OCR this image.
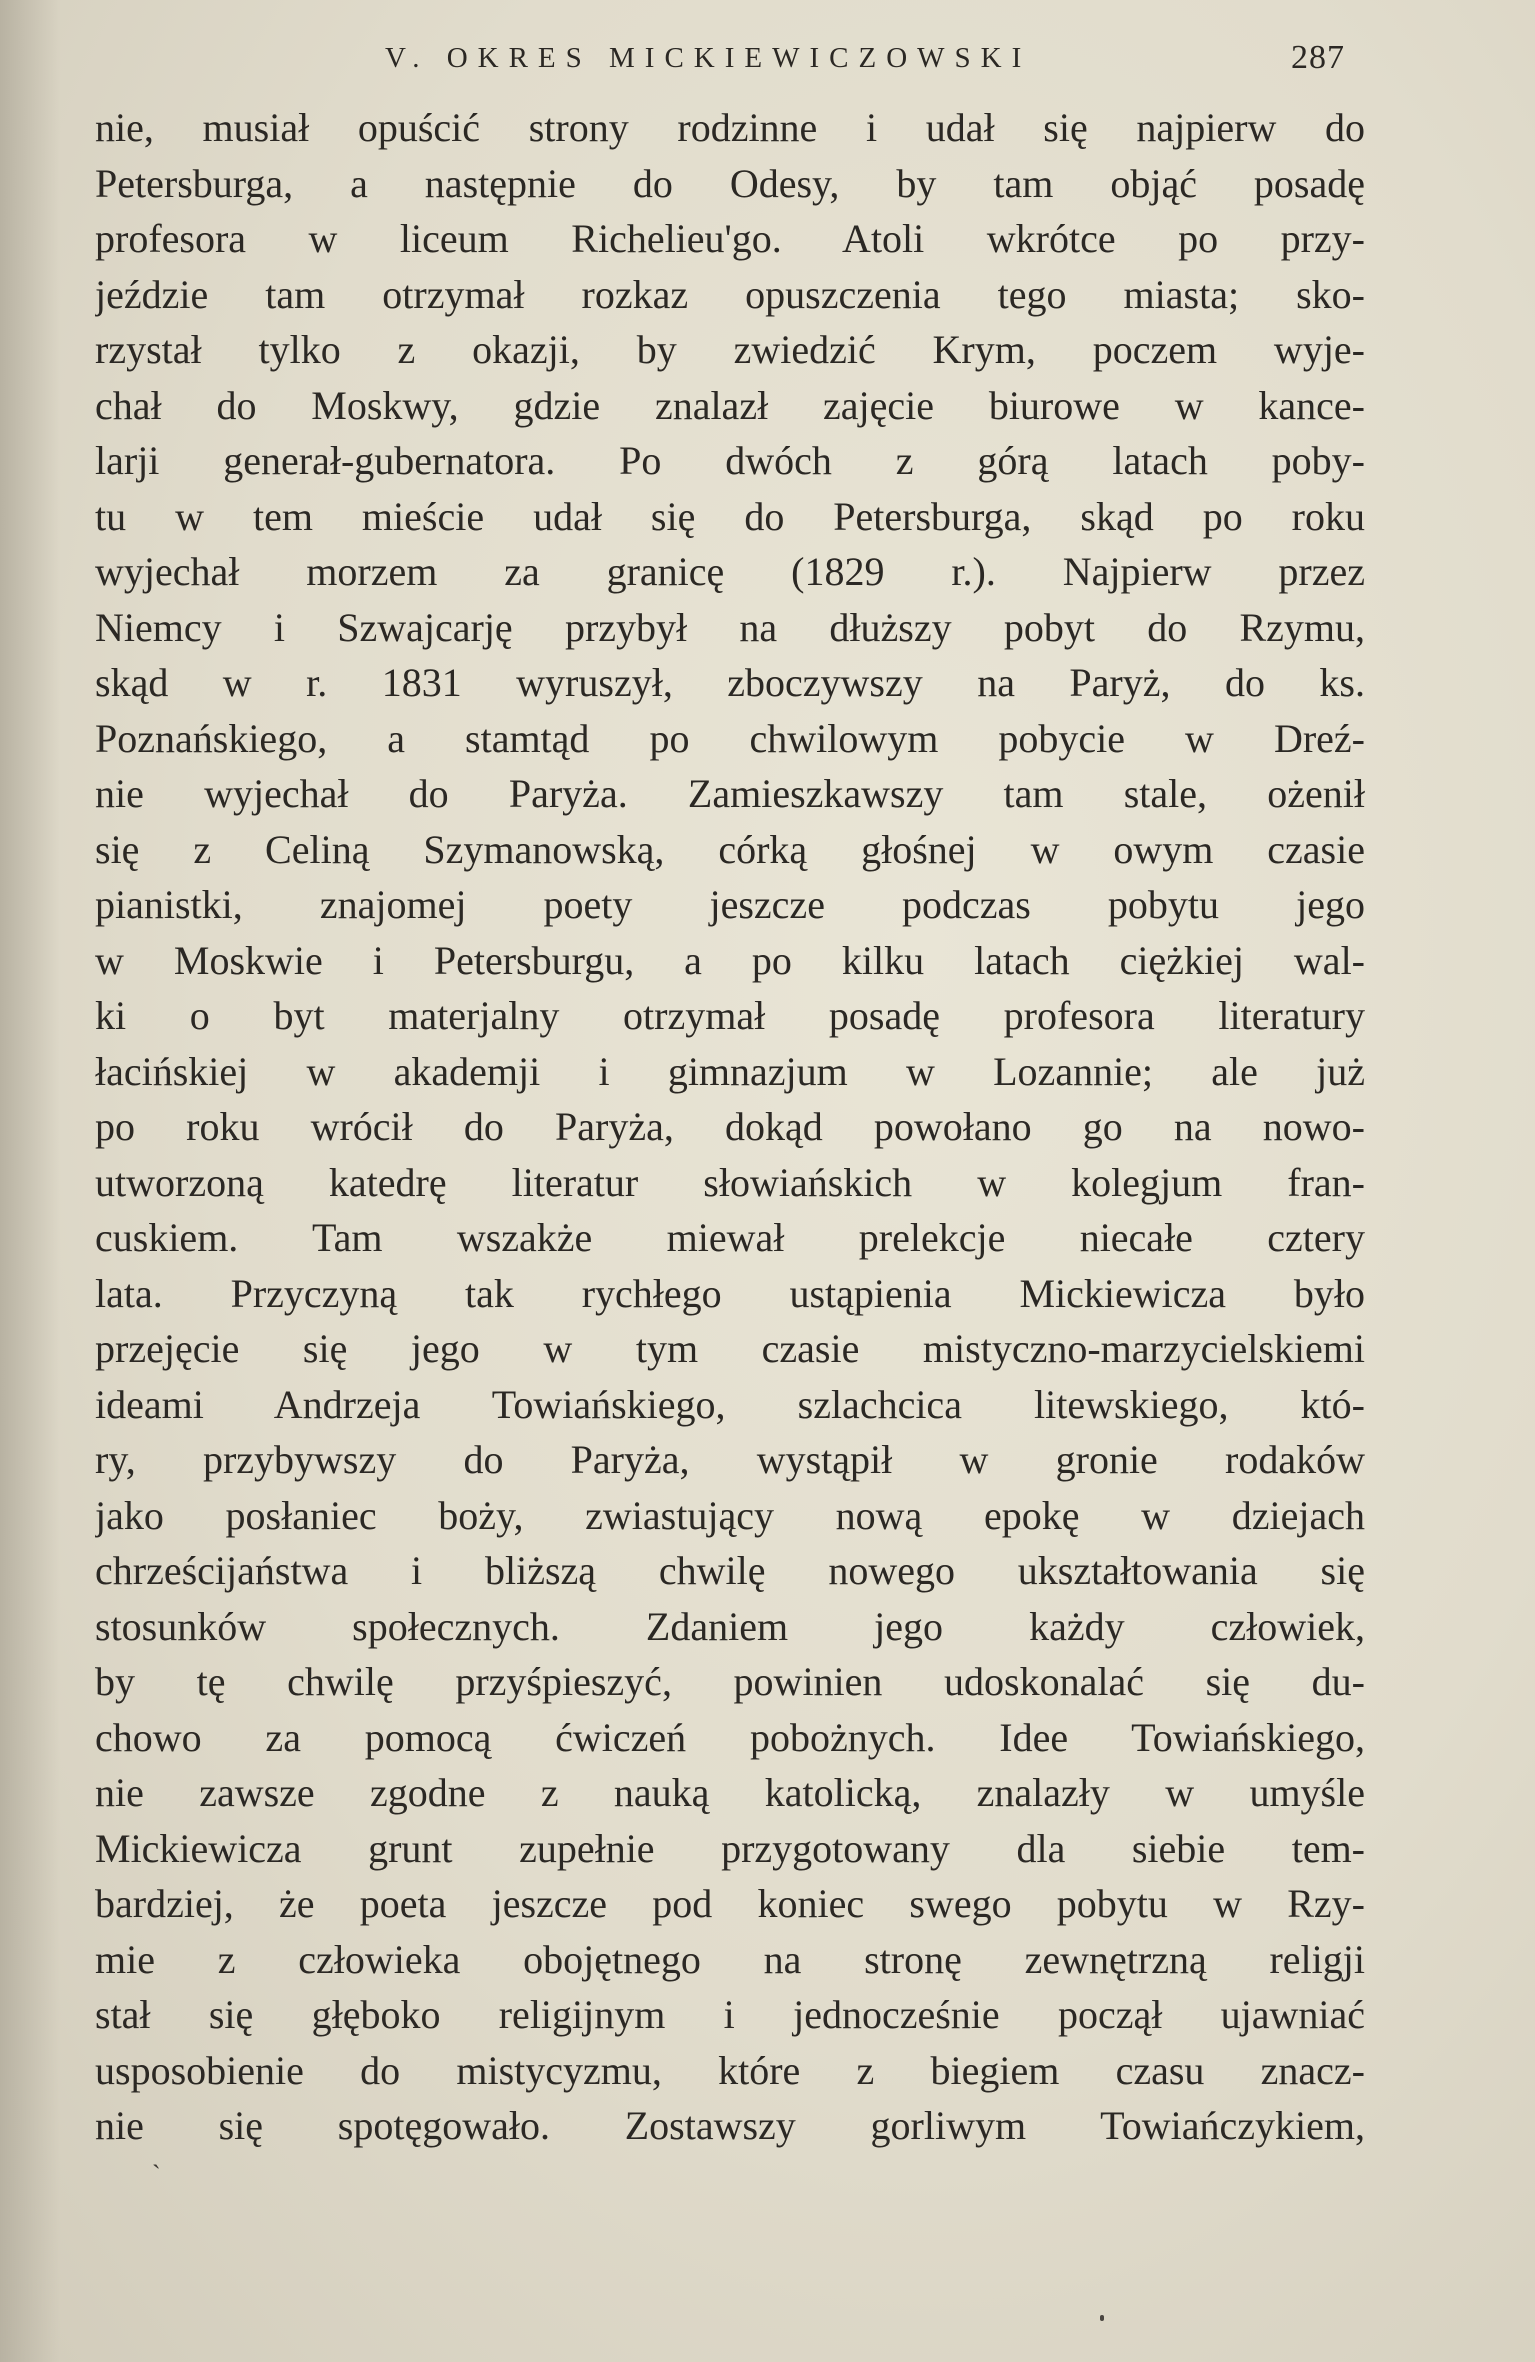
V. OKRES MICKIEWICZOWSKI	287
nie, musiał opuścić strony rodzinne i udał się najpierw do
Petersburga, a następnie do Odesy, by tam objąć posadę
profesora w liceum Richelieu'go. Atoli wkrótce po przy-
jeździe tam otrzymał rozkaz opuszczenia tego miasta; sko-
rzystał tylko z okazji, by zwiedzić Krym, poczem wyje-
chał do Moskwy, gdzie znalazł zajęcie biurowe w kance-
larji generał-gubernatora. Po dwóch z górą latach poby-
tu w tem mieście udał się do Petersburga, skąd po roku
wyjechał morzem za granicę (1829 r.). Najpierw przez
Niemcy i Szwajcarję przybył na dłuższy pobyt do Rzymu,
skąd w r. 1831 wyruszył, zboczywszy na Paryż, do ks.
Poznańskiego, a stamtąd po chwilowym pobycie w Dreź-
nie wyjechał do Paryża. Zamieszkawszy tam stale, ożenił
się z Celiną Szymanowską, córką głośnej w owym czasie
pianistki, znajomej poety jeszcze podczas pobytu jego
w Moskwie i Petersburgu, a po kilku latach ciężkiej wal-
ki o byt materjalny otrzymał posadę profesora literatury
łacińskiej w akademji i gimnazjum w Lozannie; ale już
po roku wrócił do Paryża, dokąd powołano go na nowo-
utworzoną katedrę literatur słowiańskich w kolegjum fran-
cuskiem. Tam wszakże miewał prelekcje niecałe cztery
lata. Przyczyną tak rychłego ustąpienia Mickiewicza było
przejęcie się jego w tym czasie mistyczno-marzycielskiemi
ideami Andrzeja Towiańskiego, szlachcica litewskiego, któ-
ry, przybywszy do Paryża, wystąpił w gronie rodaków
jako posłaniec boży, zwiastujący nową epokę w dziejach
chrześcijaństwa i bliższą chwilę nowego ukształtowania się
stosunków społecznych. Zdaniem jego każdy człowiek,
by tę chwilę przyśpieszyć, powinien udoskonalać się du-
chowo za pomocą ćwiczeń pobożnych. Idee Towiańskiego,
nie zawsze zgodne z nauką katolicką, znalazły w umyśle
Mickiewicza grunt zupełnie przygotowany dla siebie tem-
bardziej, że poeta jeszcze pod koniec swego pobytu w Rzy-
mie z człowieka obojętnego na stronę zewnętrzną religji
stał się głęboko religijnym i jednocześnie począł ujawniać
usposobienie do mistycyzmu, które z biegiem czasu znacz-
nie się spotęgowało. Zostawszy gorliwym Towiańczykiem,
ˋ
